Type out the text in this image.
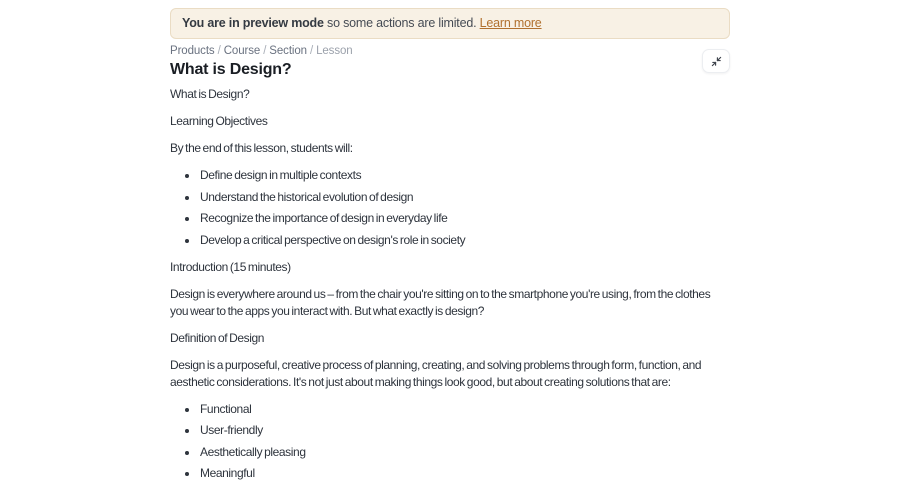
You are in preview mode so some actions are limited. Learn more
Products / Course / Section / Lesson
What is Design?

What is Design?

Learning Objectives

By the end of this lesson, students will:

• Define design in multiple contexts
• Understand the historical evolution of design
• Recognize the importance of design in everyday life
• Develop a critical perspective on design's role in society

Introduction (15 minutes)

Design is everywhere around us – from the chair you're sitting on to the smartphone you're using, from the clothes you wear to the apps you interact with. But what exactly is design?

Definition of Design

Design is a purposeful, creative process of planning, creating, and solving problems through form, function, and aesthetic considerations. It's not just about making things look good, but about creating solutions that are:

• Functional
• User-friendly
• Aesthetically pleasing
• Meaningful
